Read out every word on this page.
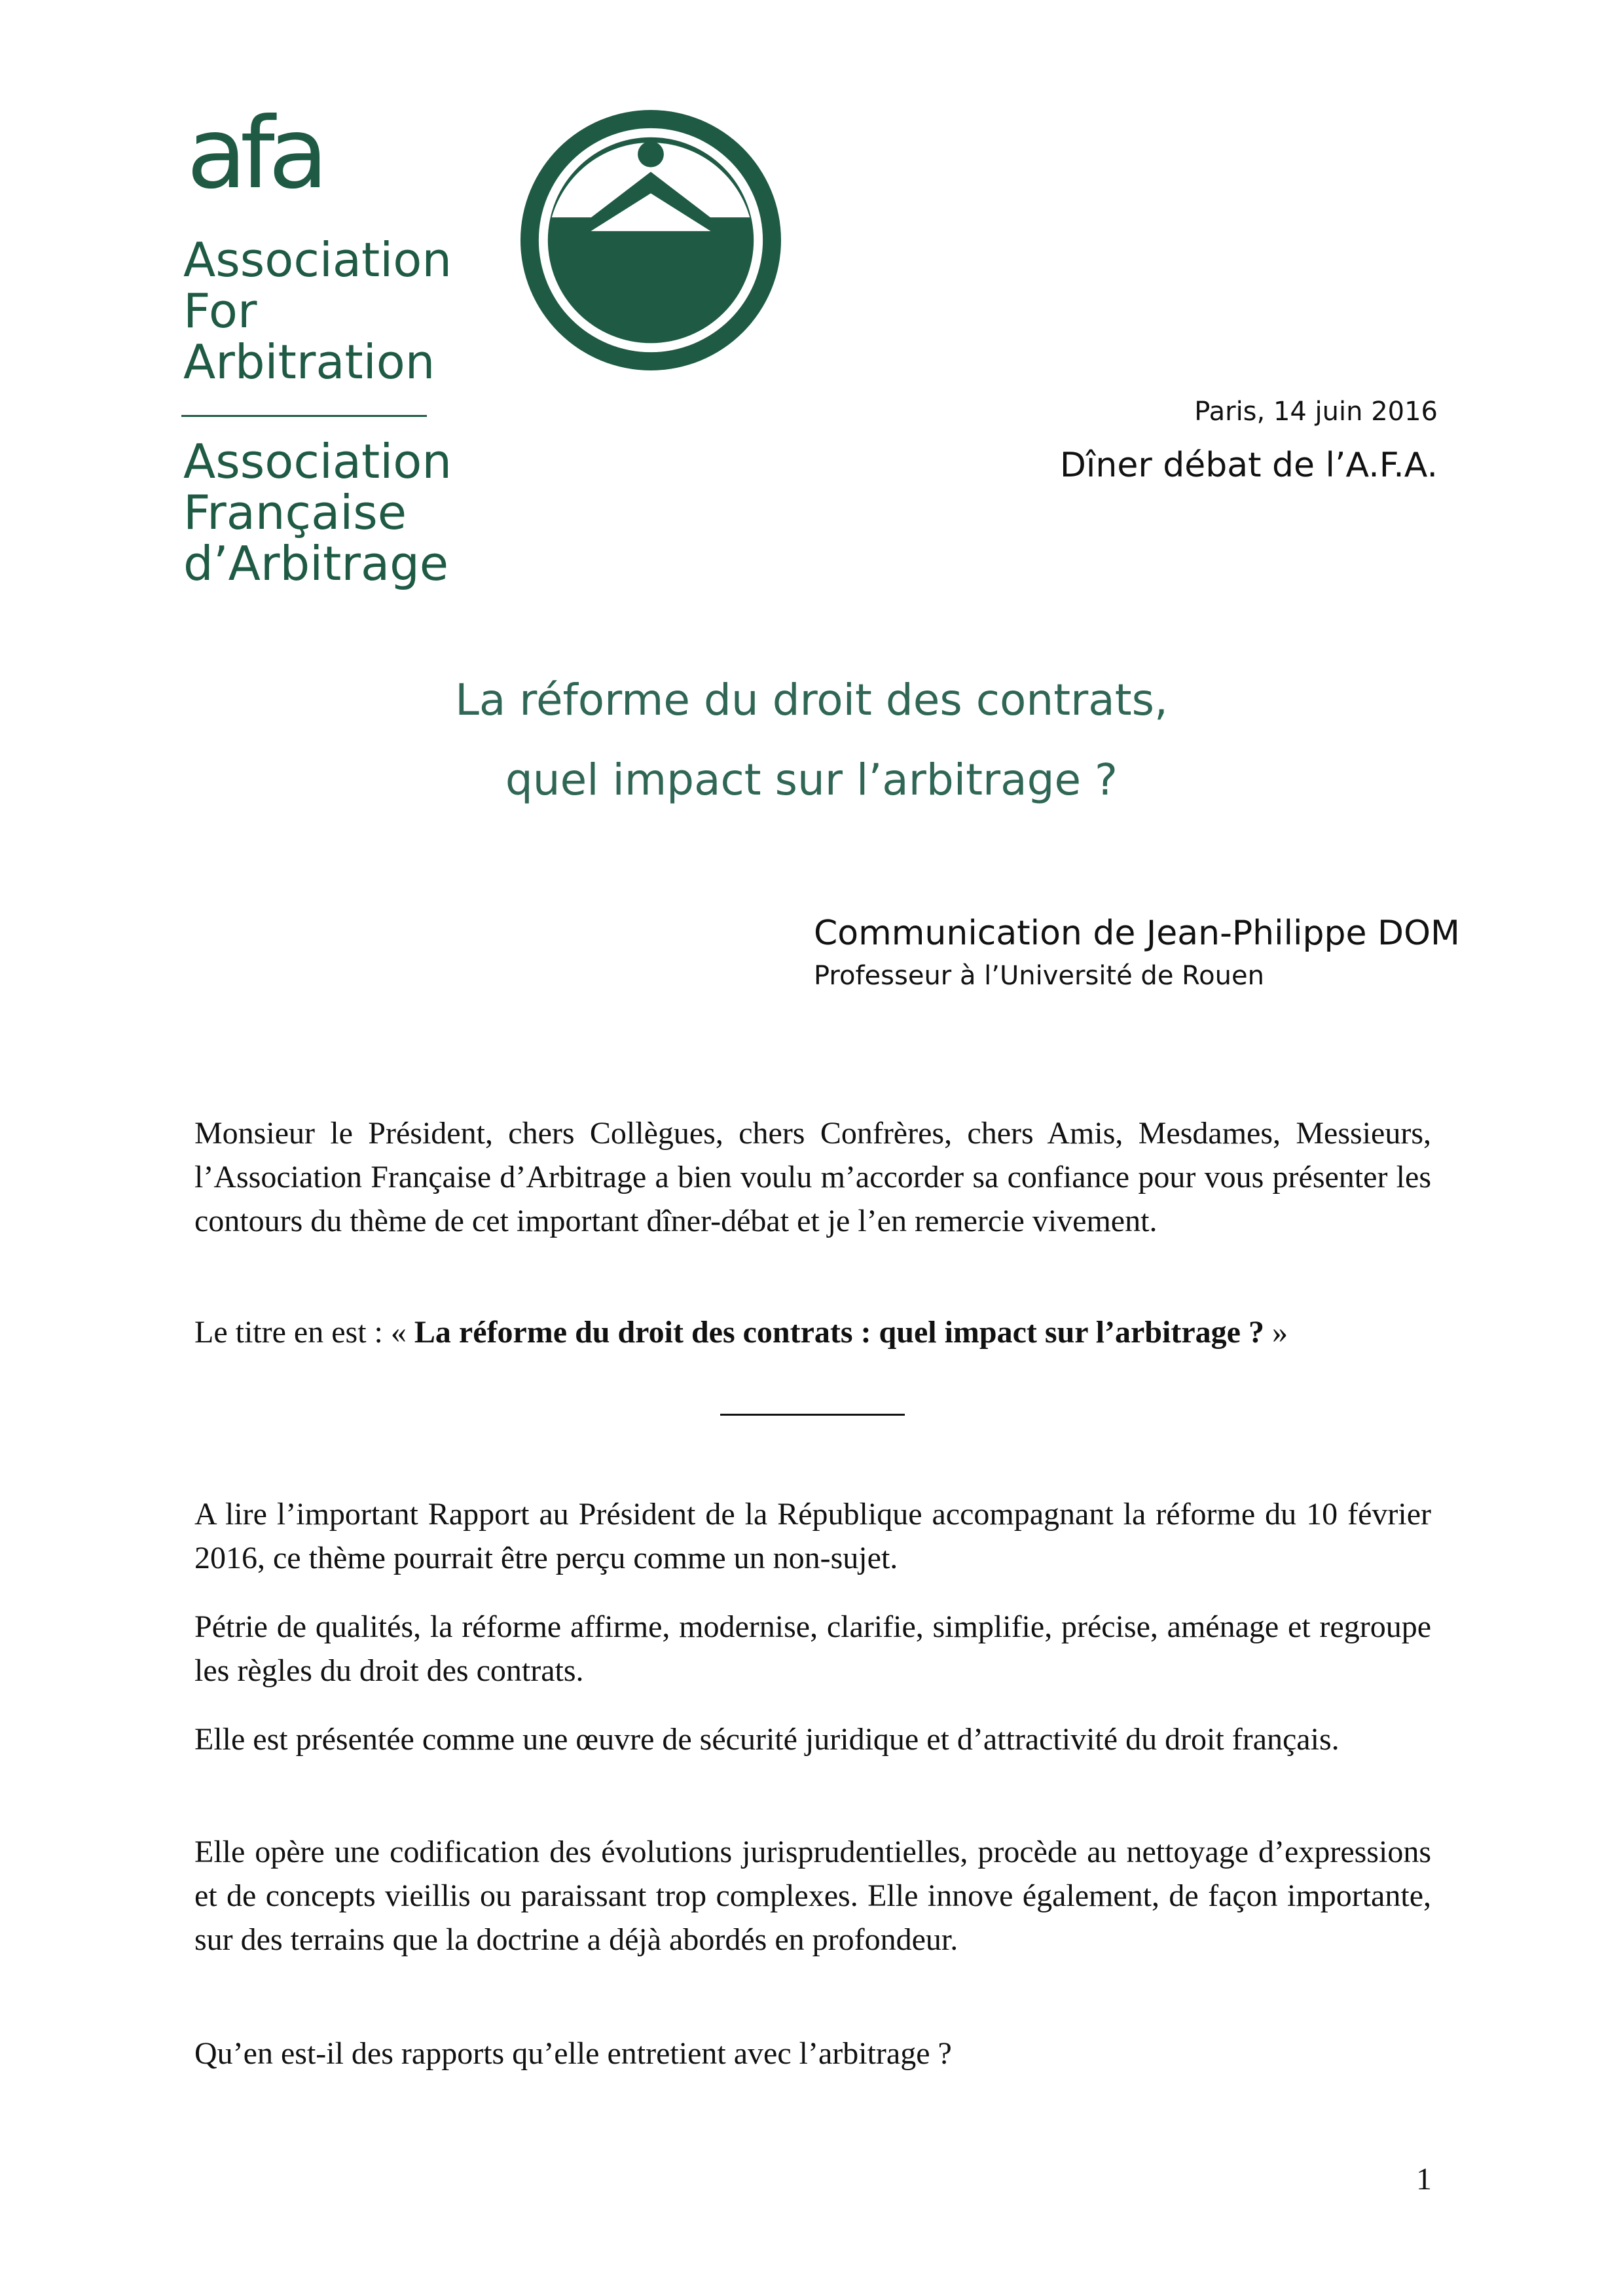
afa
Association
For
Arbitration
Association
Française
d’Arbitrage
Paris, 14 juin 2016
Dîner débat de l’A.F.A.
La réforme du droit des contrats,
quel impact sur l’arbitrage ?
Communication de Jean-Philippe DOM
Professeur à l’Université de Rouen

Monsieur le Président, chers Collègues, chers Confrères, chers Amis, Mesdames, Messieurs, l’Association Française d’Arbitrage a bien voulu m’accorder sa confiance pour vous présenter les contours du thème de cet important dîner-débat et je l’en remercie vivement.

Le titre en est : « La réforme du droit des contrats : quel impact sur l’arbitrage ? »

A lire l’important Rapport au Président de la République accompagnant la réforme du 10 février 2016, ce thème pourrait être perçu comme un non-sujet.

Pétrie de qualités, la réforme affirme, modernise, clarifie, simplifie, précise, aménage et regroupe les règles du droit des contrats.

Elle est présentée comme une œuvre de sécurité juridique et d’attractivité du droit français.

Elle opère une codification des évolutions jurisprudentielles, procède au nettoyage d’expressions et de concepts vieillis ou paraissant trop complexes. Elle innove également, de façon importante, sur des terrains que la doctrine a déjà abordés en profondeur.

Qu’en est-il des rapports qu’elle entretient avec l’arbitrage ?

1
